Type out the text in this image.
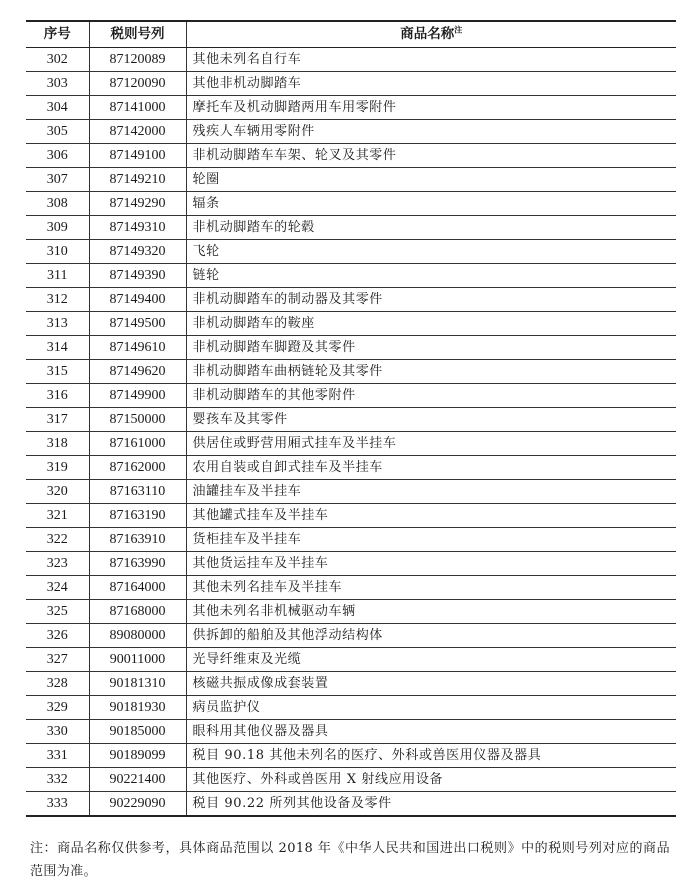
序号	税则号列	商品名称$^注$
302	87120089	其他未列名自行车
303	87120090	其他非机动脚踏车
304	87141000	摩托车及机动脚踏两用车用零附件
305	87142000	残疾人车辆用零附件
306	87149100	非机动脚踏车车架、轮叉及其零件
307	87149210	轮圈
308	87149290	辐条
309	87149310	非机动脚踏车的轮毂
310	87149320	飞轮
311	87149390	链轮
312	87149400	非机动脚踏车的制动器及其零件
313	87149500	非机动脚踏车的鞍座
314	87149610	非机动脚踏车脚蹬及其零件
315	87149620	非机动脚踏车曲柄链轮及其零件
316	87149900	非机动脚踏车的其他零附件
317	87150000	婴孩车及其零件
318	87161000	供居住或野营用厢式挂车及半挂车
319	87162000	农用自装或自卸式挂车及半挂车
320	87163110	油罐挂车及半挂车
321	87163190	其他罐式挂车及半挂车
322	87163910	货柜挂车及半挂车
323	87163990	其他货运挂车及半挂车
324	87164000	其他未列名挂车及半挂车
325	87168000	其他未列名非机械驱动车辆
326	89080000	供拆卸的船舶及其他浮动结构体
327	90011000	光导纤维束及光缆
328	90181310	核磁共振成像成套装置
329	90181930	病员监护仪
330	90185000	眼科用其他仪器及器具
331	90189099	税目 90.18 其他未列名的医疗、外科或兽医用仪器及器具
332	90221400	其他医疗、外科或兽医用 X 射线应用设备
333	90229090	税目 90.22 所列其他设备及零件

注：商品名称仅供参考，具体商品范围以 2018 年《中华人民共和国进出口税则》中的税则号列对应的商品范围为准。
